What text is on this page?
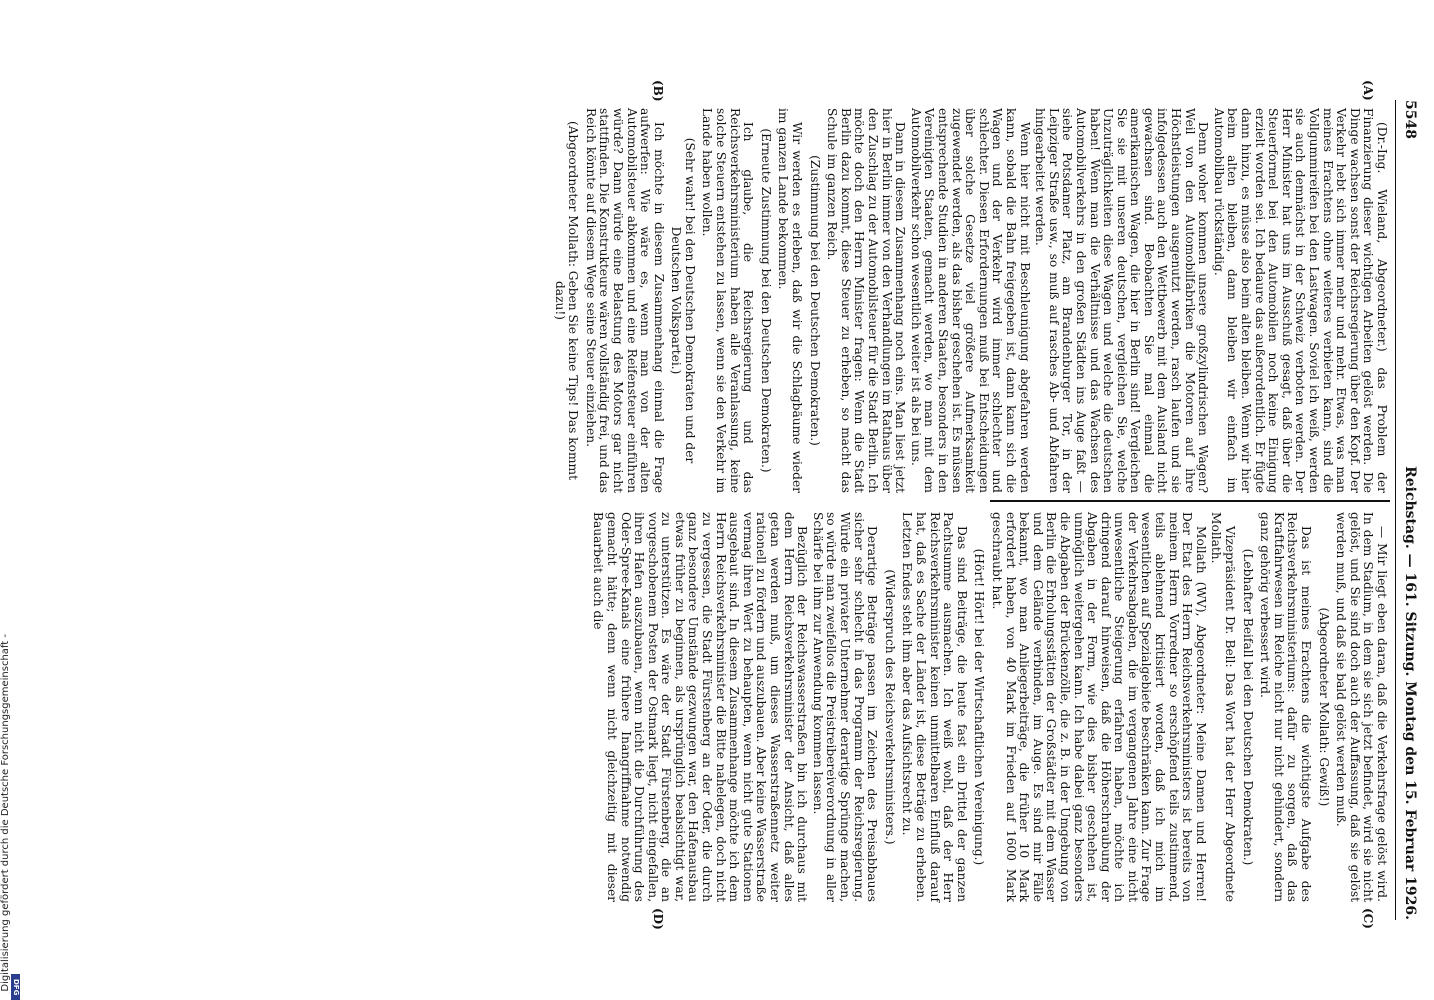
Digitalisierung gefördert durch die Deutsche Forschungsgemeinschaft - DFG
5548
Reichstag. — 161. Sitzung. Montag den 15. Februar 1926.
(A)
(B)
(C)
(D)

(Dr.-Ing. Wieland, Abgeordneter.) das Problem der Finanzierung dieser wichtigen Arbeiten gelöst werden. Die Dinge wachsen sonst der Reichsregierung über den Kopf. Der Verkehr hebt sich immer mehr und mehr. Etwas, was man meines Erachtens ohne weiteres verbieten kann, sind die Vollgummireifen bei den Lastwagen. Soviel ich weiß, werden sie auch demnächst in der Schweiz verboten werden. Der Herr Minister hat uns im Ausschuß gesagt, daß über die Steuerformel bei den Automobilen noch keine Einigung erzielt worden sei. Ich bedaure das außerordentlich. Er fügte dann hinzu, es müsse also beim alten bleiben. Wenn wir hier beim alten bleiben, dann bleiben wir einfach im Automobilbau rückständig.

Denn woher kommen unsere großzylindrischen Wagen? Weil von den Automobilfabriken die Motoren auf ihre Höchstleistungen ausgenutzt werden, rasch laufen und sie infolgedessen auch den Wettbewerb mit dem Ausland nicht gewachsen sind. Beobachten Sie mal einmal die amerikanischen Wagen, die hier in Berlin sind! Vergleichen Sie sie mit unseren deutschen, vergleichen Sie, welche Unzuträglichkeiten diese Wagen und welche die deutschen haben! Wenn man die Verhältnisse und das Wachsen des Automobilverkehrs in den großen Städten ins Auge faßt — siehe Potsdamer Platz, am Brandenburger Tor, in der Leipziger Straße usw., so muß auf rasches Ab- und Abfahren hingearbeitet werden.

Wenn hier nicht mit Beschleunigung abgefahren werden kann, sobald die Bahn freigegeben ist, dann kann sich die Wagen und der Verkehr wird immer schlechter und schlechter. Diesen Erfordernungen muß bei Entscheidungen über solche Gesetze viel größere Aufmerksamkeit zugewendet werden, als das bisher geschehen ist. Es müssen entsprechende Studien in anderen Staaten, besonders in den Vereinigten Staaten, gemacht werden, wo man mit dem Automobilverkehr schon wesentlich weiter ist als bei uns.

Dann in diesem Zusammenhang noch eins. Man liest jetzt hier in Berlin immer von den Verhandlungen im Rathaus über den Zuschlag zu der Automobilsteuer für die Stadt Berlin. Ich möchte doch den Herrn Minister fragen: Wenn die Stadt Berlin dazu kommt, diese Steuer zu erheben, so macht das Schule im ganzen Reich.

(Zustimmung bei den Deutschen Demokraten.)

Wir werden es erleben, daß wir die Schlagbäume wieder im ganzen Lande bekommen.

(Erneute Zustimmung bei den Deutschen Demokraten.)

Ich glaube, die Reichsregierung und das Reichsverkehrsministerium haben alle Veranlassung, keine solche Steuern entstehen zu lassen, wenn sie den Verkehr im Lande haben wollen.

(Sehr wahr! bei den Deutschen Demokraten und der Deutschen Volkspartei.)

Ich möchte in diesem Zusammenhang einmal die Frage aufwerfen: Wie wäre es, wenn man von der alten Automobilsteuer abkommen und eine Reifensteuer einführen würde? Dann würde eine Belastung des Motors gar nicht stattfinden. Die Konstrukteure wären vollständig frei, und das Reich könnte auf diesem Wege seine Steuer einziehen.

(Abgeordneter Mollath: Geben Sie keine Tips! Das kommt dazu!)

— Mir liegt eben daran, daß die Verkehrsfrage gelöst wird. In dem Stadium, in dem sie sich jetzt befindet, wird sie nicht gelöst, und Sie sind doch auch der Auffassung, daß sie gelöst werden muß, und daß sie bald gelöst werden muß.

(Abgeordneter Mollath: Gewiß!)

Das ist meines Erachtens die wichtigste Aufgabe des Reichsverkehrsministeriums: dafür zu sorgen, daß das Kraftfahrwesen im Reiche nicht nur nicht gehindert, sondern ganz gehörig verbessert wird.

(Lebhafter Beifall bei den Deutschen Demokraten.)

Vizepräsident Dr. Bell: Das Wort hat der Herr Abgeordnete Mollath.

Mollath (WV), Abgeordneter: Meine Damen und Herren! Der Etat des Herrn Reichsverkehrsministers ist bereits von meinem Herrn Vorredner so erschöpfend teils zustimmend, teils ablehnend kritisiert worden, daß ich mich im wesentlichen auf Spezialgebiete beschränken kann. Zur Frage der Verkehrsabgaben, die im vergangenen Jahre eine nicht unwesentliche Steigerung erfahren haben, möchte ich dringend darauf hinweisen, daß die Höherschraubung der Abgaben in der Form, wie dies bisher geschehen ist, unmöglich weitergehen kann. Ich habe dabei ganz besonders die Abgaben der Brückenzölle, die z. B. in der Umgebung von Berlin die Erholungsstätten der Großstädter mit dem Wasser und dem Gelände verbinden, im Auge. Es sind mir Fälle bekannt, wo man Anliegerbeiträge, die früher 10 Mark erfordert haben, von 40 Mark im Frieden auf 1600 Mark geschraubt hat.

(Hört! Hört! bei der Wirtschaftlichen Vereinigung.)

Das sind Beiträge, die heute fast ein Drittel der ganzen Pachtsumme ausmachen. Ich weiß wohl, daß der Herr Reichsverkehrsminister keinen unmittelbaren Einfluß darauf hat, daß es Sache der Länder ist, diese Beträge zu erheben. Letzten Endes steht ihm aber das Aufsichtsrecht zu.

(Widerspruch des Reichsverkehrsministers.)

Derartige Beträge passen im Zeichen des Preisabbaues sicher sehr schlecht in das Programm der Reichsregierung. Würde ein privater Unternehmer derartige Sprünge machen, so würde man zweifellos die Preistreibereiverordnung in aller Schärfe bei ihm zur Anwendung kommen lassen.

Bezüglich der Reichswasserstraßen bin ich durchaus mit dem Herrn Reichsverkehrsminister der Ansicht, daß alles getan werden muß, um dieses Wasserstraßennetz weiter rationell zu fördern und auszubauen. Aber keine Wasserstraße vermag ihren Wert zu behaupten, wenn nicht gute Stationen ausgebaut sind. In diesem Zusammenhange möchte ich dem Herrn Reichsverkehrsminister die Bitte nahelegen, doch nicht zu vergessen, die Stadt Fürstenberg an der Oder, die durch ganz besondere Umstände gezwungen war, den Hafenausbau etwas früher zu beginnen, als ursprünglich beabsichtigt war, zu unterstützen. Es wäre der Stadt Fürstenberg, die an vorgeschobenem Posten der Ostmark liegt, nicht eingefallen, ihren Hafen auszubauen, wenn nicht die Durchführung des Oder-Spree-Kanals eine frühere Inangriffnahme notwendig gemacht hätte; denn wenn nicht gleichzeitig mit dieser Bauarbeit auch die
